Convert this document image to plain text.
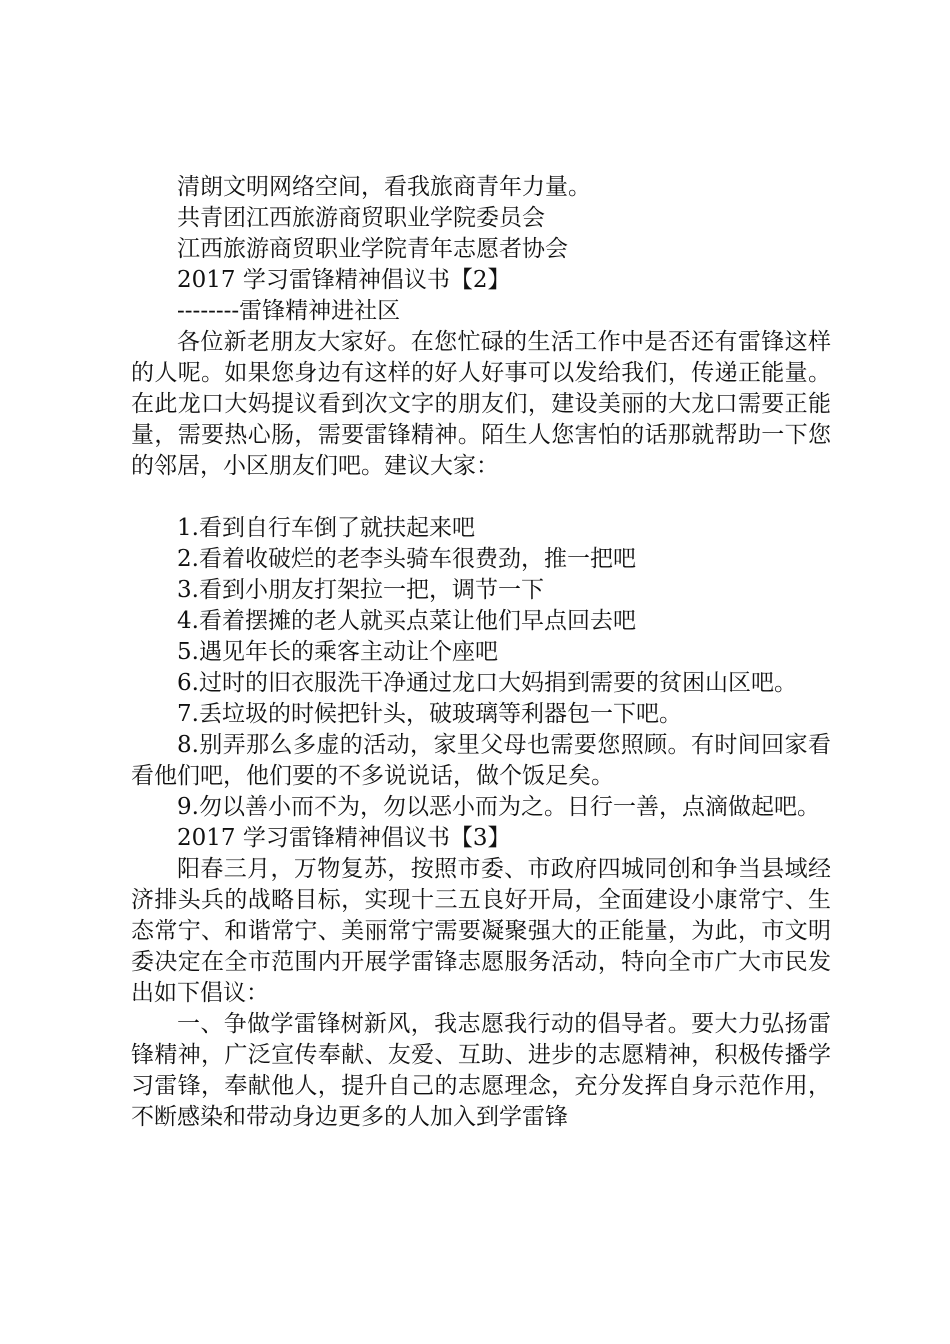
清朗文明网络空间，看我旅商青年力量。

共青团江西旅游商贸职业学院委员会

江西旅游商贸职业学院青年志愿者协会

2017 学习雷锋精神倡议书【2】

--------雷锋精神进社区

各位新老朋友大家好。在您忙碌的生活工作中是否还有雷锋这样的人呢。如果您身边有这样的好人好事可以发给我们，传递正能量。在此龙口大妈提议看到次文字的朋友们，建设美丽的大龙口需要正能量，需要热心肠，需要雷锋精神。陌生人您害怕的话那就帮助一下您的邻居，小区朋友们吧。建议大家：

1.看到自行车倒了就扶起来吧

2.看着收破烂的老李头骑车很费劲，推一把吧

3.看到小朋友打架拉一把，调节一下

4.看着摆摊的老人就买点菜让他们早点回去吧

5.遇见年长的乘客主动让个座吧

6.过时的旧衣服洗干净通过龙口大妈捐到需要的贫困山区吧。

7.丢垃圾的时候把针头，破玻璃等利器包一下吧。

8.别弄那么多虚的活动，家里父母也需要您照顾。有时间回家看看他们吧，他们要的不多说说话，做个饭足矣。

9.勿以善小而不为，勿以恶小而为之。日行一善，点滴做起吧。

2017 学习雷锋精神倡议书【3】

阳春三月，万物复苏，按照市委、市政府四城同创和争当县域经济排头兵的战略目标，实现十三五良好开局，全面建设小康常宁、生态常宁、和谐常宁、美丽常宁需要凝聚强大的正能量，为此，市文明委决定在全市范围内开展学雷锋志愿服务活动，特向全市广大市民发出如下倡议：

一、争做学雷锋树新风，我志愿我行动的倡导者。要大力弘扬雷锋精神，广泛宣传奉献、友爱、互助、进步的志愿精神，积极传播学习雷锋，奉献他人，提升自己的志愿理念，充分发挥自身示范作用，不断感染和带动身边更多的人加入到学雷锋
